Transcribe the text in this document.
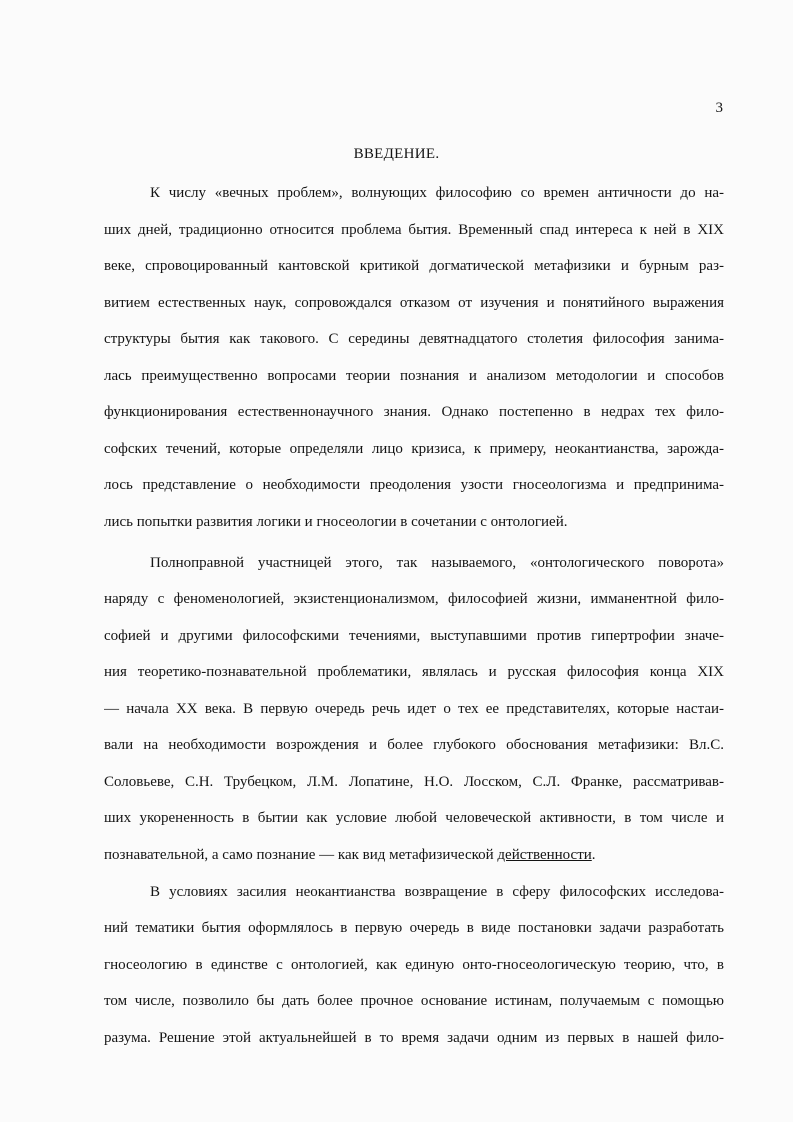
3
ВВЕДЕНИЕ.
К числу «вечных проблем», волнующих философию со времен античности до на-
ших дней, традиционно относится проблема бытия. Временный спад интереса к ней в XIX
веке, спровоцированный кантовской критикой догматической метафизики и бурным раз-
витием естественных наук, сопровождался отказом от изучения и понятийного выражения
структуры бытия как такового. С середины девятнадцатого столетия философия занима-
лась преимущественно вопросами теории познания и анализом методологии и способов
функционирования естественнонаучного знания. Однако постепенно в недрах тех фило-
софских течений, которые определяли лицо кризиса, к примеру, неокантианства, зарожда-
лось представление о необходимости преодоления узости гносеологизма и предпринима-
лись попытки развития логики и гносеологии в сочетании с онтологией.
Полноправной участницей этого, так называемого, «онтологического поворота»
наряду с феноменологией, экзистенционализмом, философией жизни, имманентной фило-
софией и другими философскими течениями, выступавшими против гипертрофии значе-
ния теоретико-познавательной проблематики, являлась и русская философия конца XIX
— начала XX века. В первую очередь речь идет о тех ее представителях, которые настаи-
вали на необходимости возрождения и более глубокого обоснования метафизики: Вл.С.
Соловьеве, С.Н. Трубецком, Л.М. Лопатине, Н.О. Лосском, С.Л. Франке, рассматривав-
ших укорененность в бытии как условие любой человеческой активности, в том числе и
познавательной, а само познание — как вид метафизической действенности.
В условиях засилия неокантианства возвращение в сферу философских исследова-
ний тематики бытия оформлялось в первую очередь в виде постановки задачи разработать
гносеологию в единстве с онтологией, как единую онто-гносеологическую теорию, что, в
том числе, позволило бы дать более прочное основание истинам, получаемым с помощью
разума. Решение этой актуальнейшей в то время задачи одним из первых в нашей фило-
